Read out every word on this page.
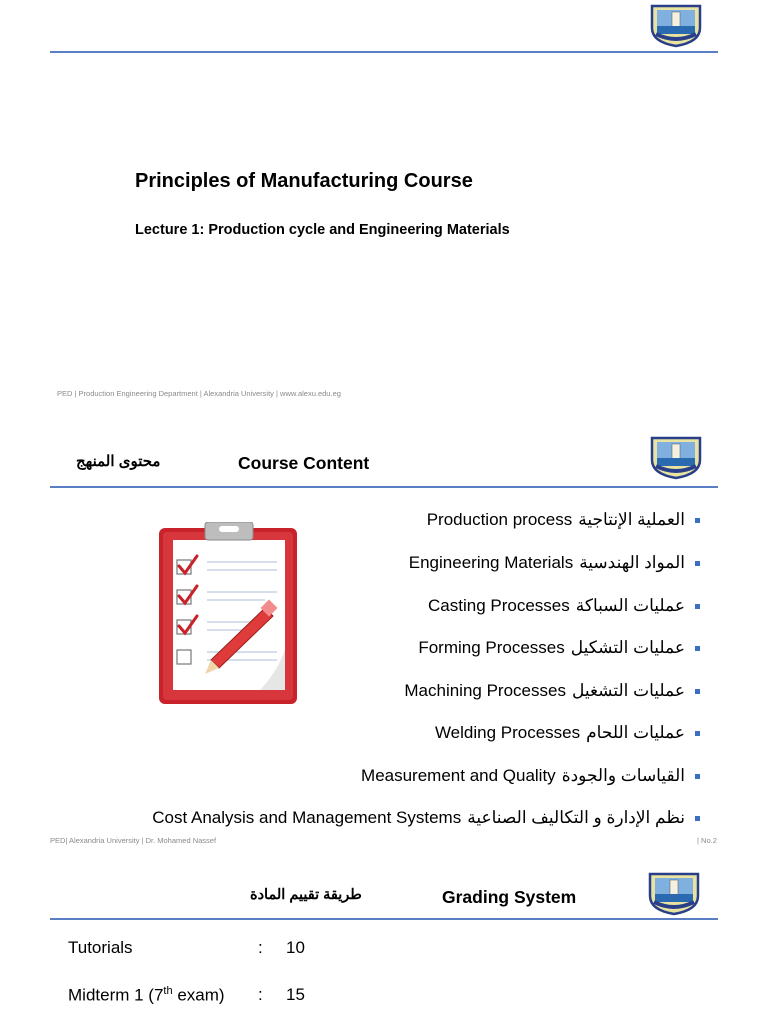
Principles of Manufacturing Course
Lecture 1: Production cycle and Engineering Materials
PED | Production Engineering Department | Alexandria University | www.alexu.edu.eg
محتوى المنهج	Course Content
Production process العملية الإنتاجية
Engineering Materials المواد الهندسية
Casting Processes عمليات السباكة
Forming Processes عمليات التشكيل
Machining Processes عمليات التشغيل
Welding Processes عمليات اللحام
Measurement and Quality القياسات والجودة
Cost Analysis and Management Systems نظم الإدارة و التكاليف الصناعية
PED| Alexandria University | Dr. Mohamed Nassef	| No.2
طريقة تقييم المادة	Grading System
Tutorials	: 10
Midterm 1 (7th exam) : 15
